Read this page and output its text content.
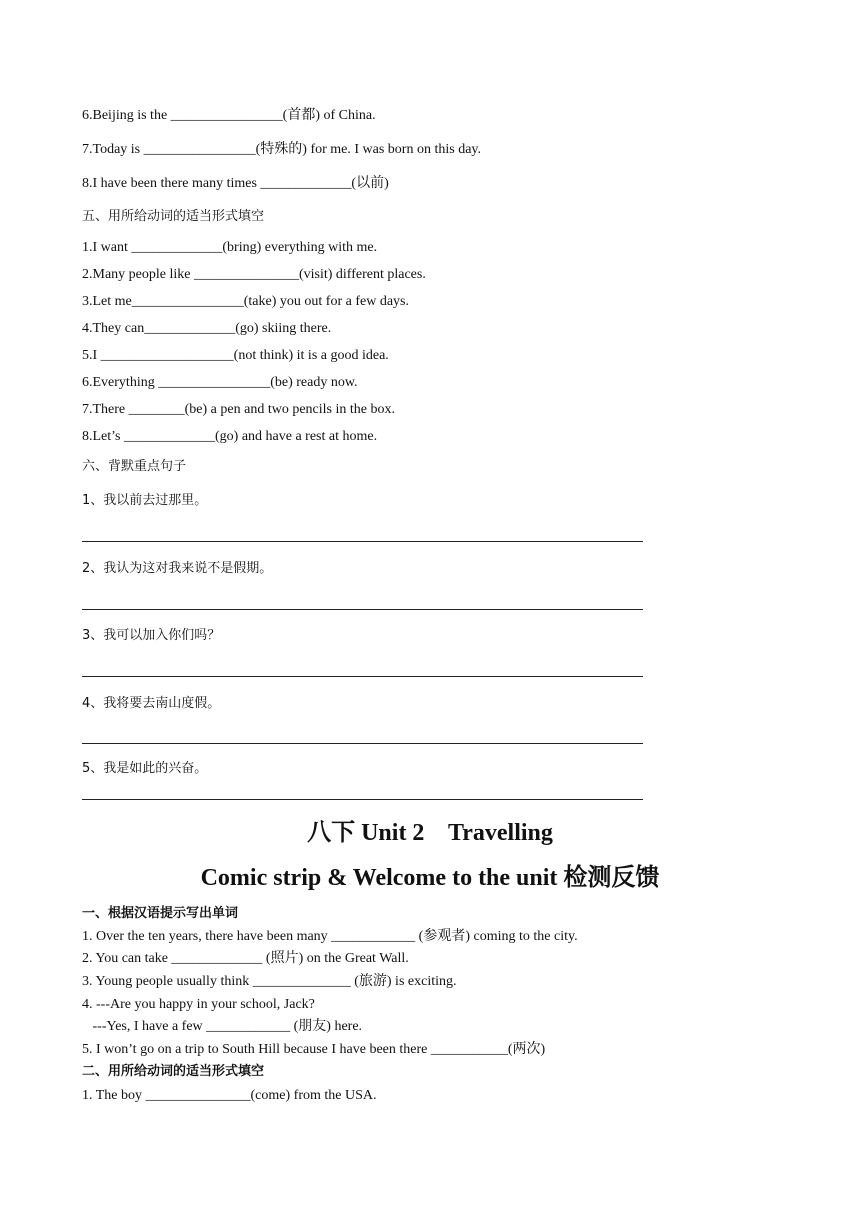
6.Beijing is the ________________(首都) of China.
7.Today is ________________(特殊的) for me. I was born on this day.
8.I have been there many times _____________(以前)
五、用所给动词的适当形式填空
1.I want _____________(bring) everything with me.
2.Many people like _______________(visit) different places.
3.Let me________________(take) you out for a few days.
4.They can_____________(go) skiing there.
5.I ___________________(not think) it is a good idea.
6.Everything ________________(be) ready now.
7.There ________(be) a pen and two pencils in the box.
8.Let’s _____________(go) and have a rest at home.
六、背默重点句子
1、我以前去过那里。
2、我认为这对我来说不是假期。
3、我可以加入你们吗？
4、我将要去南山度假。
5、我是如此的兴奋。
八下 Unit 2    Travelling
Comic strip & Welcome to the unit 检测反馈
一、根据汉语提示写出单词
1. Over the ten years, there have been many ____________ (参观者) coming to the city.
2. You can take _____________ (照片) on the Great Wall.
3. Young people usually think ______________ (旅游) is exciting.
4. ---Are you happy in your school, Jack?
---Yes, I have a few ____________ (朋友) here.
5. I won’t go on a trip to South Hill because I have been there ___________(两次)
二、用所给动词的适当形式填空
1. The boy _______________(come) from the USA.
